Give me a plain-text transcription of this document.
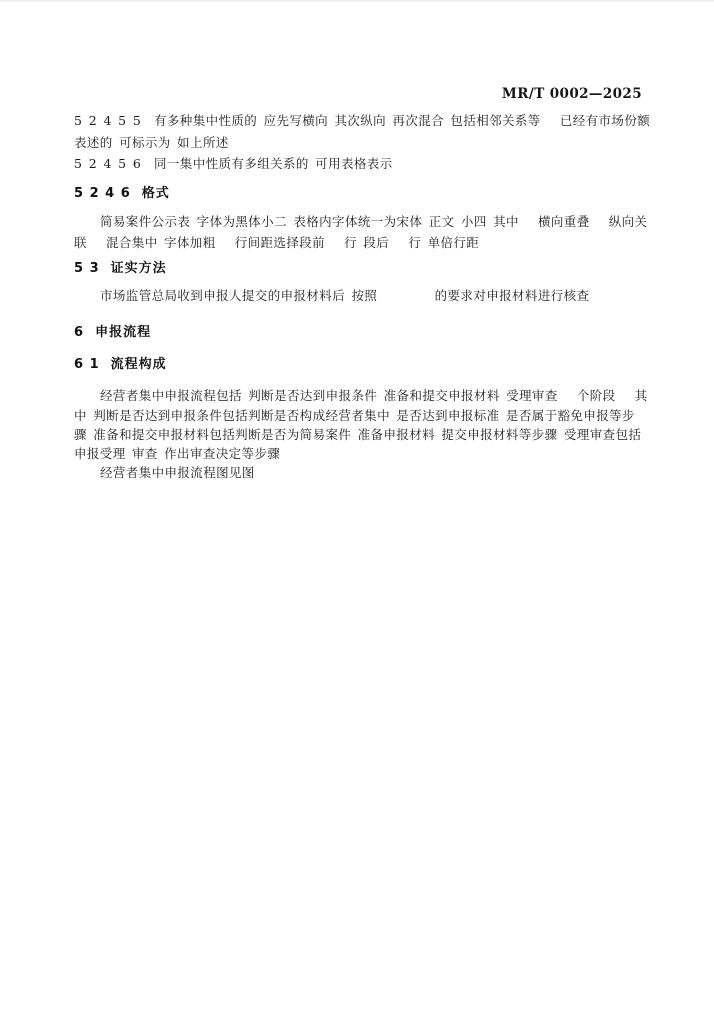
MR/T 0002—2025
5 2 4 5 5  有多种集中性质的 应先写横向 其次纵向 再次混合 包括相邻关系等   已经有市场份额
表述的 可标示为 如上所述
5 2 4 5 6  同一集中性质有多组关系的 可用表格表示
5 2 4 6  格式
简易案件公示表 字体为黑体小二 表格内字体统一为宋体 正文 小四 其中   横向重叠   纵向关
联   混合集中 字体加粗   行间距选择段前   行 段后   行 单倍行距
5 3  证实方法
市场监管总局收到申报人提交的申报材料后 按照         的要求对申报材料进行核查
6  申报流程
6 1  流程构成
经营者集中申报流程包括 判断是否达到申报条件 准备和提交申报材料 受理审查   个阶段   其
中 判断是否达到申报条件包括判断是否构成经营者集中 是否达到申报标准 是否属于豁免申报等步
骤 准备和提交申报材料包括判断是否为简易案件 准备申报材料 提交申报材料等步骤 受理审查包括
申报受理 审查 作出审查决定等步骤
经营者集中申报流程图见图
